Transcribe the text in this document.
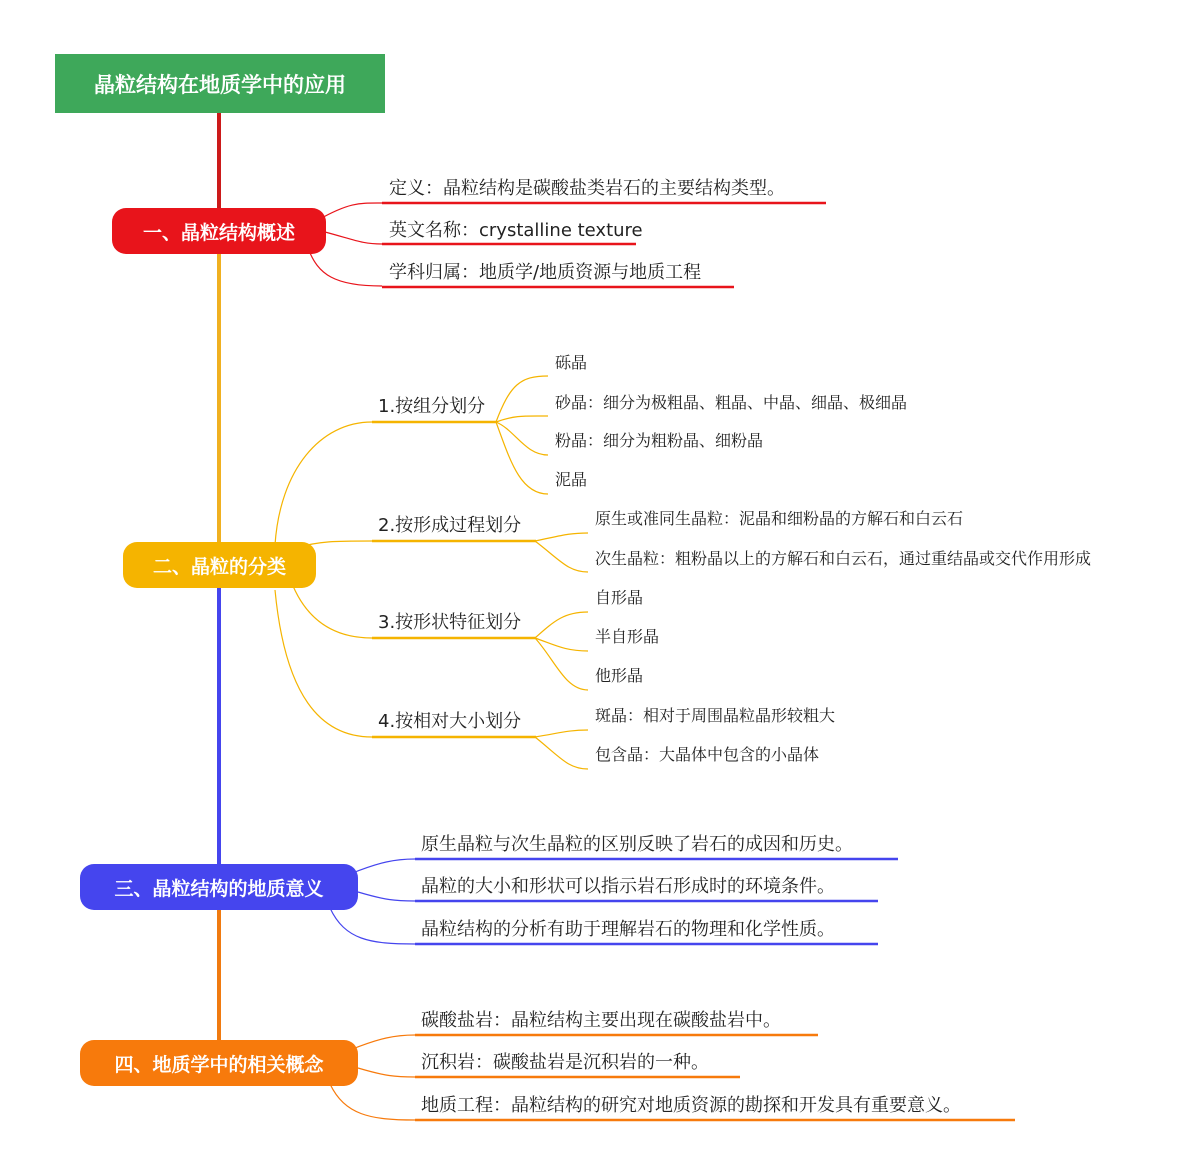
晶粒结构在地质学中的应用
一、晶粒结构概述
定义：晶粒结构是碳酸盐类岩石的主要结构类型。
英文名称：crystalline texture
学科归属：地质学/地质资源与地质工程
二、晶粒的分类
1.按组分划分
砾晶
砂晶：细分为极粗晶、粗晶、中晶、细晶、极细晶
粉晶：细分为粗粉晶、细粉晶
泥晶
2.按形成过程划分	原生或准同生晶粒：泥晶和细粉晶的方解石和白云石
次生晶粒：粗粉晶以上的方解石和白云石，通过重结晶或交代作用形成
3.按形状特征划分
自形晶
半自形晶
他形晶
4.按相对大小划分	斑晶：相对于周围晶粒晶形较粗大
包含晶：大晶体中包含的小晶体
三、晶粒结构的地质意义
原生晶粒与次生晶粒的区别反映了岩石的成因和历史。
晶粒的大小和形状可以指示岩石形成时的环境条件。
晶粒结构的分析有助于理解岩石的物理和化学性质。
四、地质学中的相关概念
碳酸盐岩：晶粒结构主要出现在碳酸盐岩中。
沉积岩：碳酸盐岩是沉积岩的一种。
地质工程：晶粒结构的研究对地质资源的勘探和开发具有重要意义。
